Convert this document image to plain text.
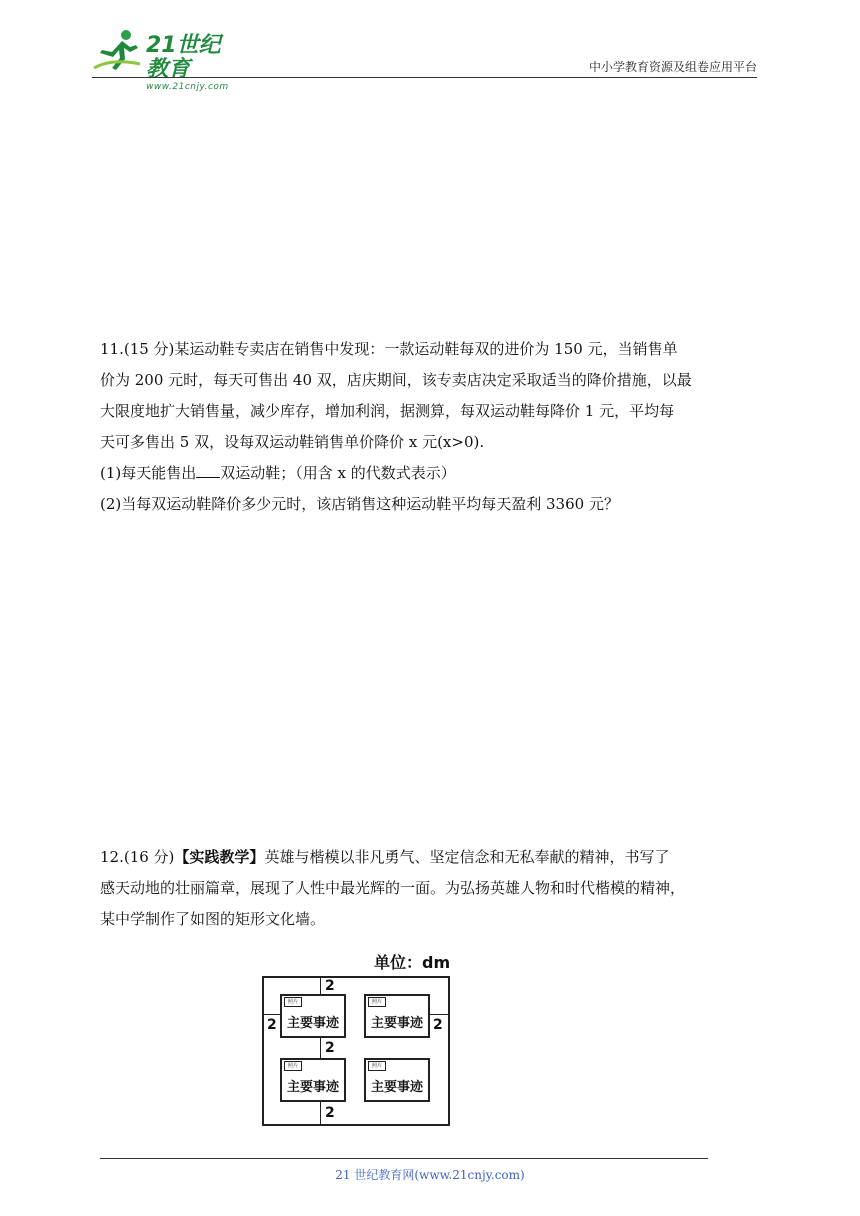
21世纪教育
www.21cnjy.com
中小学教育资源及组卷应用平台

11.(15 分)某运动鞋专卖店在销售中发现：一款运动鞋每双的进价为 150 元，当销售单

价为 200 元时，每天可售出 40 双，店庆期间，该专卖店决定采取适当的降价措施，以最

大限度地扩大销售量，减少库存，增加利润，据测算，每双运动鞋每降价 1 元，平均每

天可多售出 5 双，设每双运动鞋销售单价降价 x 元(x>0).

(1)每天能售出 双运动鞋；（用含 x 的代数式表示）

(2)当每双运动鞋降价多少元时，该店销售这种运动鞋平均每天盈利 3360 元？

12.(16 分)【实践教学】英雄与楷模以非凡勇气、坚定信念和无私奉献的精神，书写了

感天动地的壮丽篇章，展现了人性中最光辉的一面。为弘扬英雄人物和时代楷模的精神，

某中学制作了如图的矩形文化墙。

单位：dm
照片
主要事迹
照片
主要事迹
照片
主要事迹
照片
主要事迹
2
2	2
2
2
21 世纪教育网(www.21cnjy.com)
